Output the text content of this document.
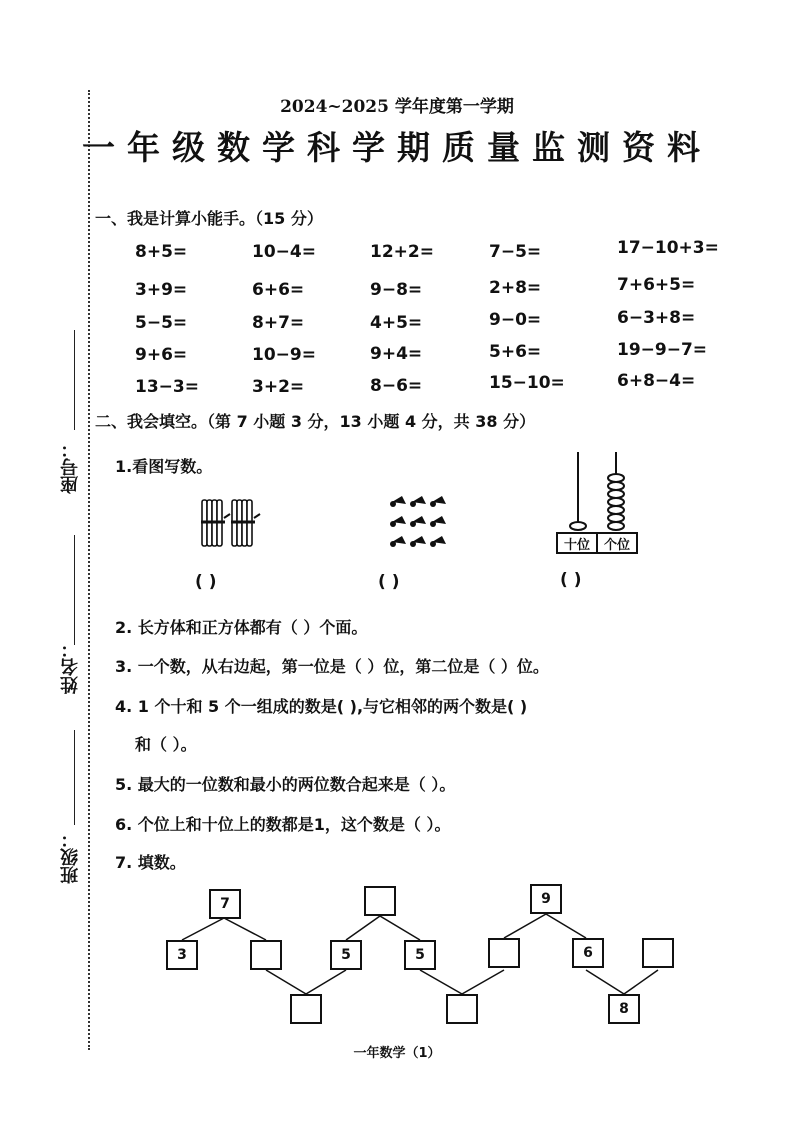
座号：
姓名：
班级：
2024~2025 学年度第一学期
一年级数学科学期质量监测资料
一、我是计算小能手。（15 分）
8+5=	10−4=	12+2=	7−5=	17−10+3=
3+9=	6+6=	9−8=	2+8=	7+6+5=
5−5=	8+7=	4+5=	9−0=	6−3+8=
9+6=	10−9=	9+4=	5+6=	19−9−7=
13−3=	3+2=	8−6=	15−10=	6+8−4=
二、我会填空。（第 7 小题 3 分，13 小题 4 分，共 38 分）
1.看图写数。
十位	个位
( )	( )	( )
2. 长方体和正方体都有（ ）个面。
3. 一个数，从右边起，第一位是（ ）位，第二位是（ ）位。
4. 1 个十和 5 个一组成的数是( ),与它相邻的两个数是( )
和（ ）。
5. 最大的一位数和最小的两位数合起来是（ ）。
6. 个位上和十位上的数都是1，这个数是（ ）。
7. 填数。
7
3	5	5
9
6
8
一年数学（1）
